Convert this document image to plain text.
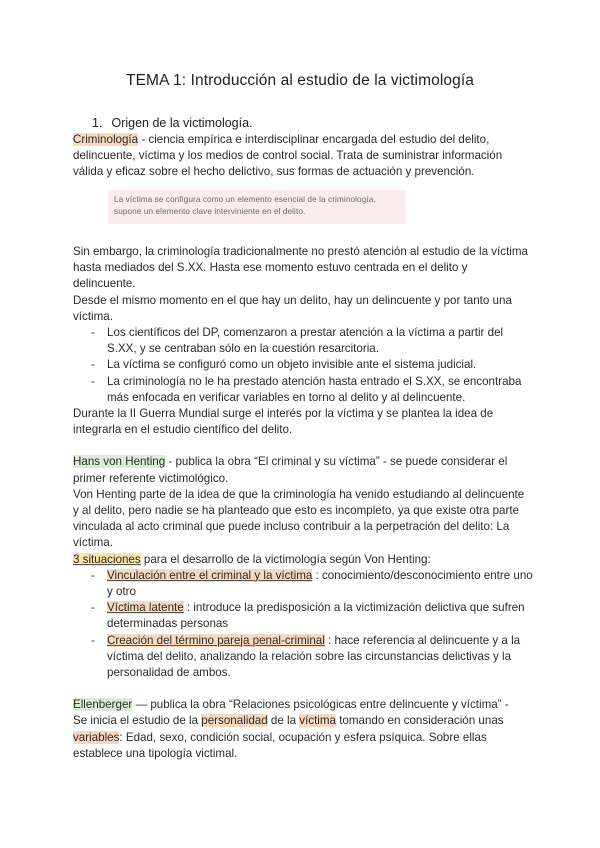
TEMA 1: Introducción al estudio de la victimología
1. Origen de la victimología.

Criminología - ciencia empírica e interdisciplinar encargada del estudio del delito, delincuente, víctima y los medios de control social. Trata de suministrar información válida y eficaz sobre el hecho delictivo, sus formas de actuación y prevención.

La víctima se configura como un elemento esencial de la criminología,

supone un elemento clave interviniente en el delito.

Sin embargo, la criminología tradicionalmente no prestó atención al estudio de la víctima hasta mediados del S.XX. Hasta ese momento estuvo centrada en el delito y delincuente.

Desde el mismo momento en el que hay un delito, hay un delincuente y por tanto una víctima.

- Los científicos del DP, comenzaron a prestar atención a la víctima a partir del S.XX, y se centraban sólo en la cuestión resarcitoria.
- La víctima se configuró como un objeto invisible ante el sistema judicial.
- La criminología no le ha prestado atención hasta entrado el S.XX, se encontraba más enfocada en verificar variables en torno al delito y al delincuente.

Durante la II Guerra Mundial surge el interés por la víctima y se plantea la idea de integrarla en el estudio científico del delito.

Hans von Henting - publica la obra “El criminal y su víctima” - se puede considerar el primer referente victimológico.

Von Henting parte de la idea de que la criminología ha venido estudiando al delincuente y al delito, pero nadie se ha planteado que esto es incompleto, ya que existe otra parte vinculada al acto criminal que puede incluso contribuir a la perpetración del delito: La víctima.

3 situaciones para el desarrollo de la victimología según Von Henting:

- Vinculación entre el criminal y la víctima : conocimiento/desconocimiento entre uno y otro
- Víctima latente : introduce la predisposición a la victimización delictiva que sufren determinadas personas
- Creación del término pareja penal-criminal : hace referencia al delincuente y a la víctima del delito, analizando la relación sobre las circunstancias delictivas y la personalidad de ambos.

Ellenberger — publica la obra “Relaciones psicológicas entre delincuente y víctima” -

Se inicia el estudio de la personalidad de la víctima tomando en consideración unas variables: Edad, sexo, condición social, ocupación y esfera psíquica. Sobre ellas establece una tipología victimal.
